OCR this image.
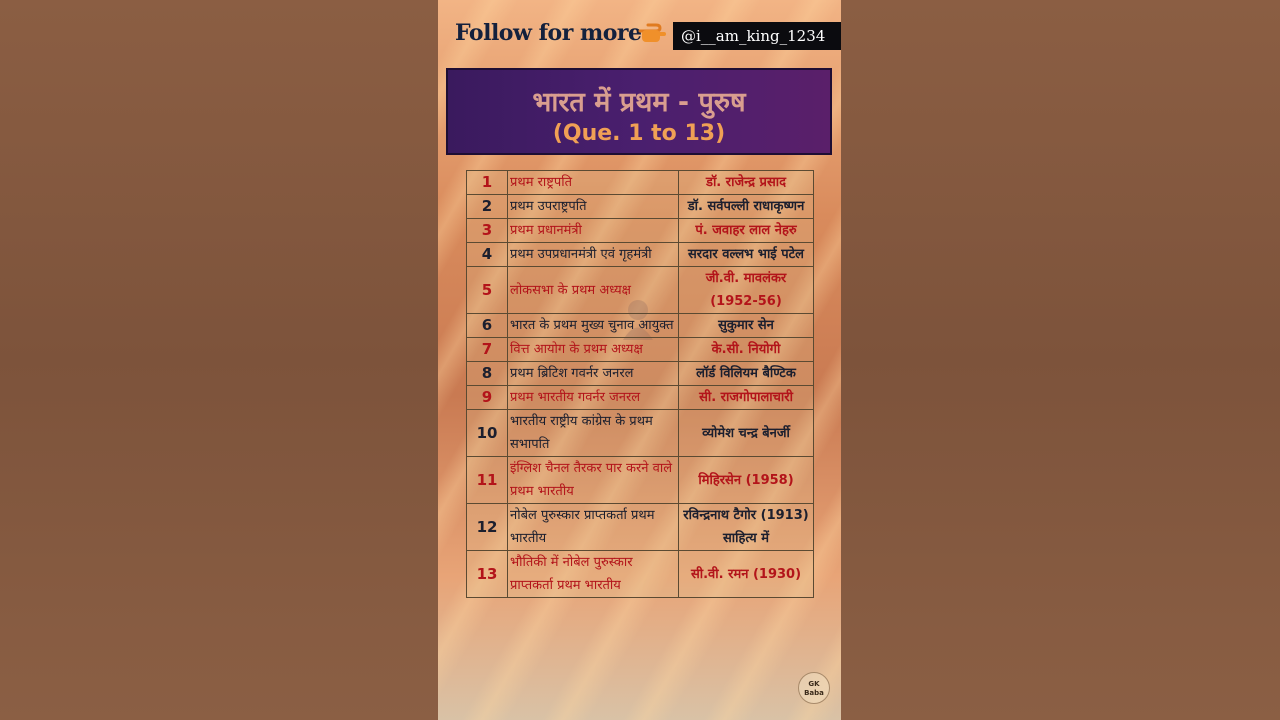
Follow for more	@i__am_king_1234
भारत में प्रथम - पुरुष
(Que. 1 to 13)
1	प्रथम राष्ट्रपति	डॉ. राजेन्द्र प्रसाद
2	प्रथम उपराष्ट्रपति	डॉ. सर्वपल्ली राधाकृष्णन
3	प्रथम प्रधानमंत्री	पं. जवाहर लाल नेहरु
4	प्रथम उपप्रधानमंत्री एवं गृहमंत्री	सरदार वल्लभ भाई पटेल
5	लोकसभा के प्रथम अध्यक्ष	जी.वी. मावलंकर (1952-56)
6	भारत के प्रथम मुख्य चुनाव आयुक्त	सुकुमार सेन
7	वित्त आयोग के प्रथम अध्यक्ष	के.सी. नियोगी
8	प्रथम ब्रिटिश गवर्नर जनरल	लॉर्ड विलियम बैण्टिक
9	प्रथम भारतीय गवर्नर जनरल	सी. राजगोपालाचारी
10	भारतीय राष्ट्रीय कांग्रेस के प्रथम सभापति	व्योमेश चन्द्र बेनर्जी
11	इंग्लिश चैनल तैरकर पार करने वाले प्रथम भारतीय	मिहिरसेन (1958)
12	नोबेल पुरुस्कार प्राप्तकर्ता प्रथम भारतीय	रविन्द्रनाथ टैगोर (1913) साहित्य में
13	भौतिकी में नोबेल पुरुस्कार प्राप्तकर्ता प्रथम भारतीय	सी.वी. रमन (1930)
GK Baba
